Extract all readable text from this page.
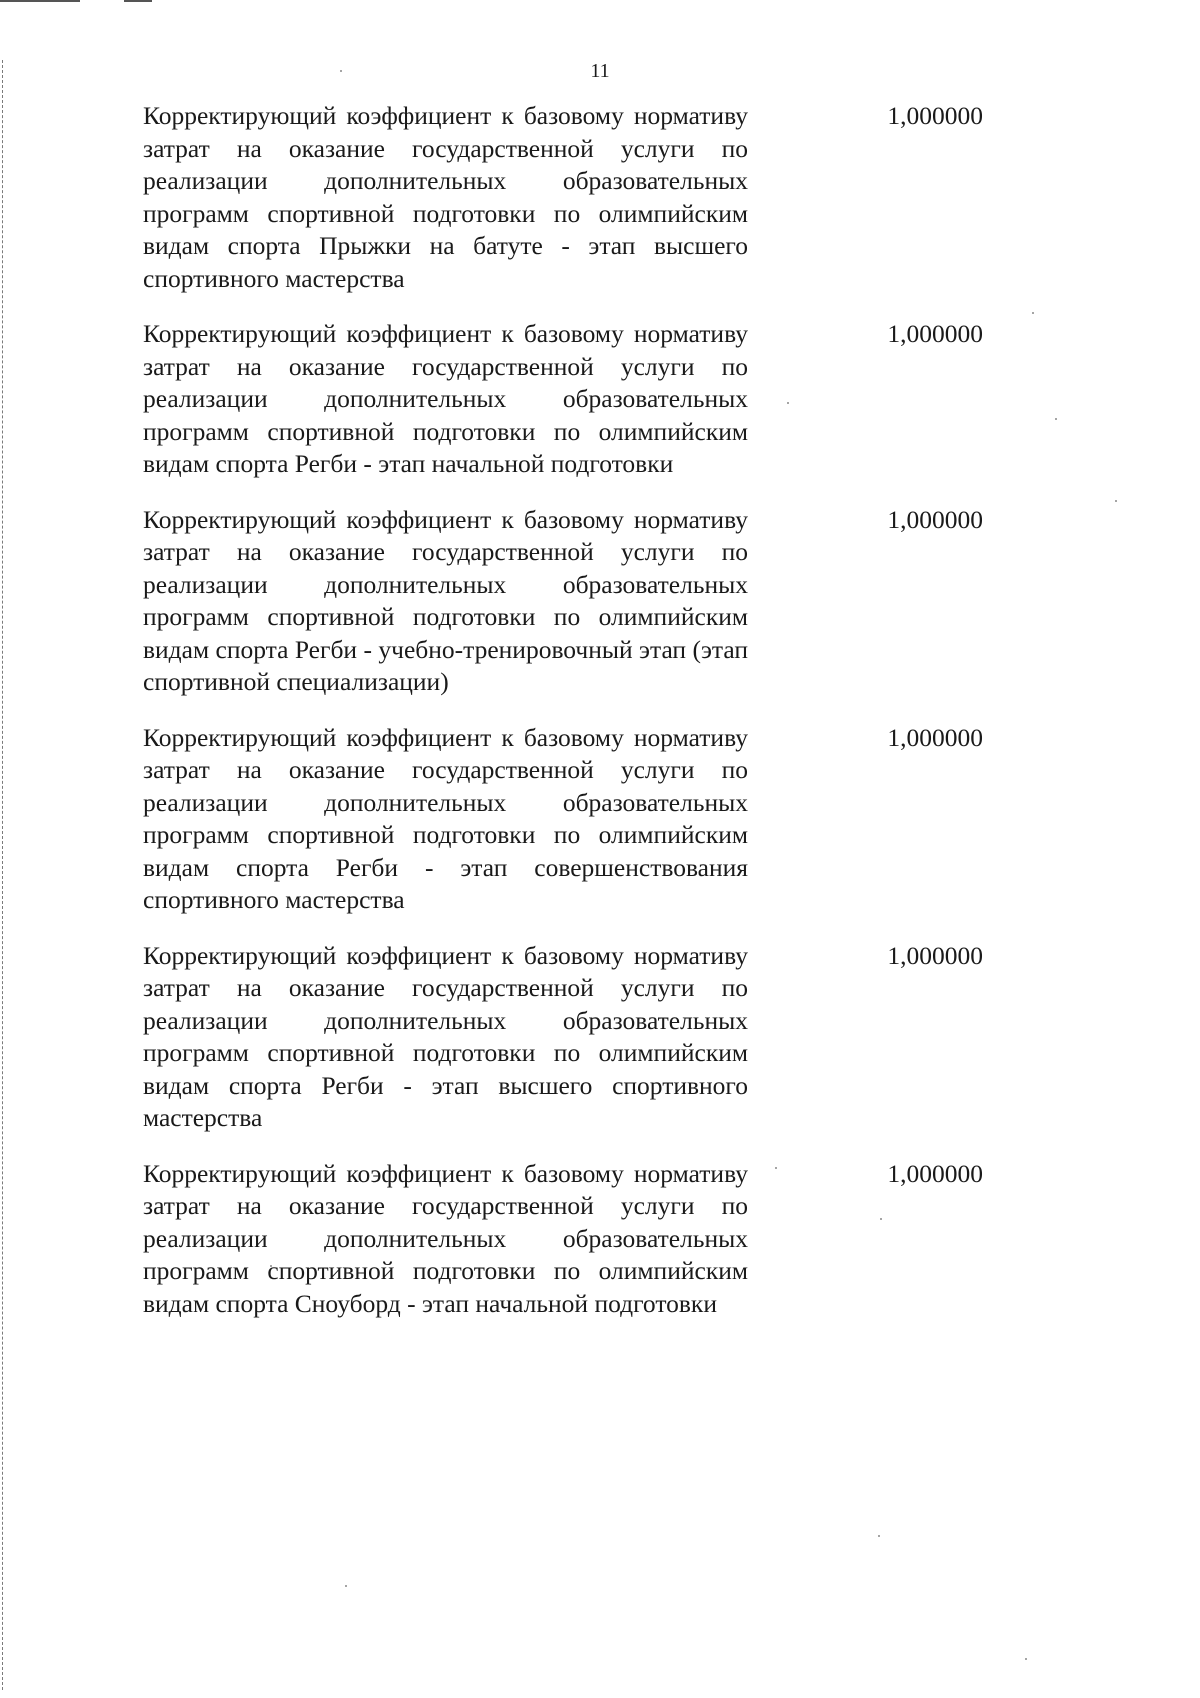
11

Корректирующий коэффициент к базовому нормативу затрат на оказание государственной услуги по реализации дополнительных образовательных программ спортивной подготовки по олимпийским видам спорта Прыжки на батуте - этап высшего спортивного мастерства

1,000000

Корректирующий коэффициент к базовому нормативу затрат на оказание государственной услуги по реализации дополнительных образовательных программ спортивной подготовки по олимпийским видам спорта Регби - этап начальной подготовки

1,000000

Корректирующий коэффициент к базовому нормативу затрат на оказание государственной услуги по реализации дополнительных образовательных программ спортивной подготовки по олимпийским видам спорта Регби - учебно-тренировочный этап (этап спортивной специализации)

1,000000

Корректирующий коэффициент к базовому нормативу затрат на оказание государственной услуги по реализации дополнительных образовательных программ спортивной подготовки по олимпийским видам спорта Регби - этап совершенствования спортивного мастерства

1,000000

Корректирующий коэффициент к базовому нормативу затрат на оказание государственной услуги по реализации дополнительных образовательных программ спортивной подготовки по олимпийским видам спорта Регби - этап высшего спортивного мастерства

1,000000

Корректирующий коэффициент к базовому нормативу затрат на оказание государственной услуги по реализации дополнительных образовательных программ спортивной подготовки по олимпийским видам спорта Сноуборд - этап начальной подготовки

1,000000
